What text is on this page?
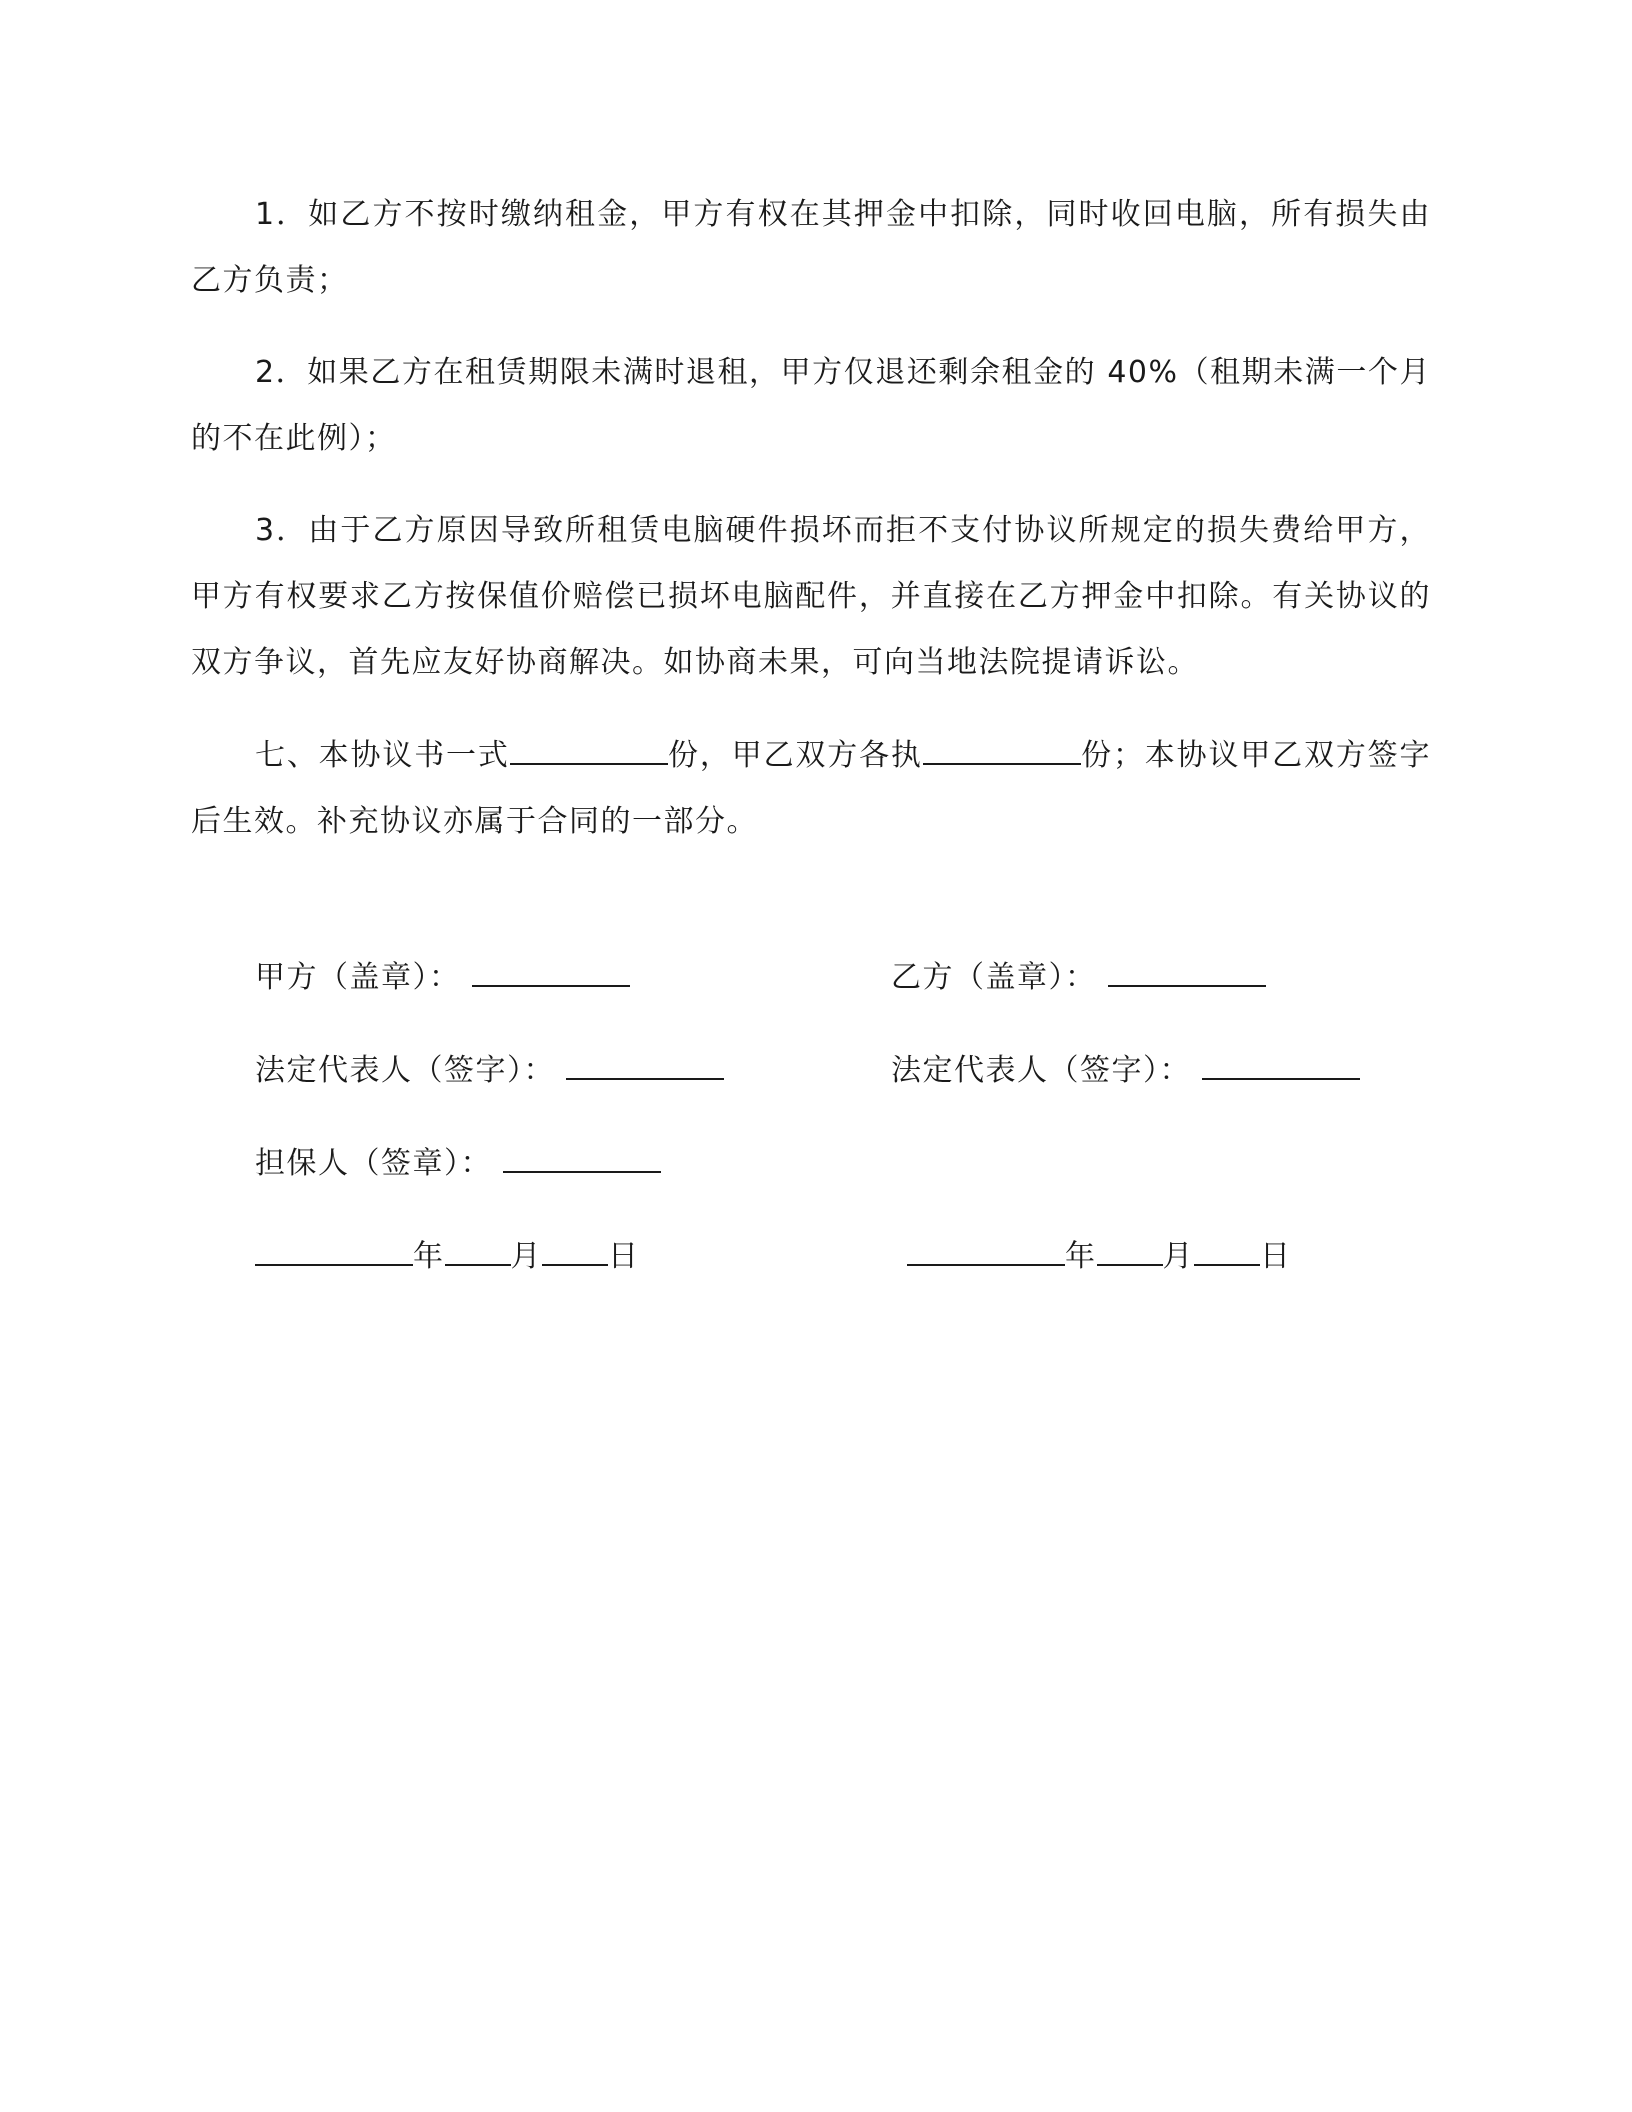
1．如乙方不按时缴纳租金，甲方有权在其押金中扣除，同时收回电脑，所有损失由乙方负责；

2．如果乙方在租赁期限未满时退租，甲方仅退还剩余租金的 40%（租期未满一个月的不在此例）；

3．由于乙方原因导致所租赁电脑硬件损坏而拒不支付协议所规定的损失费给甲方，甲方有权要求乙方按保值价赔偿已损坏电脑配件，并直接在乙方押金中扣除。有关协议的双方争议，首先应友好协商解决。如协商未果，可向当地法院提请诉讼。

七、本协议书一式	份，甲乙双方各执	份；本协议甲乙双方签字后生效。补充协议亦属于合同的一部分。

甲方（盖章）：	乙方（盖章）：
法定代表人（签字）：	法定代表人（签字）：
担保人（签章）：
年 月 日	年 月 日
